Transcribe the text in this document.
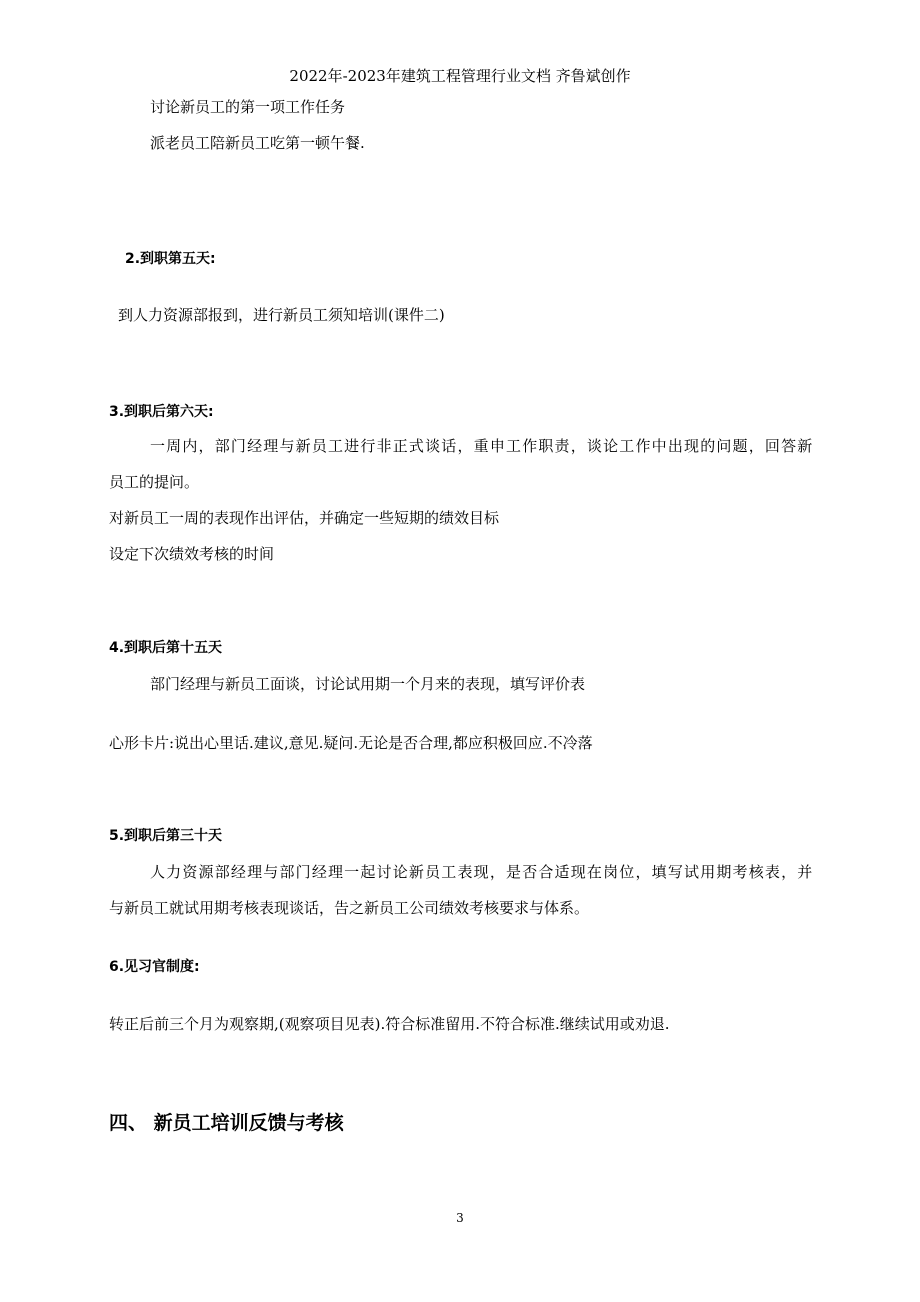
2022年-2023年建筑工程管理行业文档 齐鲁斌创作
讨论新员工的第一项工作任务
派老员工陪新员工吃第一顿午餐.
2.到职第五天:
到人力资源部报到，进行新员工须知培训(课件二)
3.到职后第六天:
一周内，部门经理与新员工进行非正式谈话，重申工作职责，谈论工作中出现的问题，回答新
员工的提问。
对新员工一周的表现作出评估，并确定一些短期的绩效目标
设定下次绩效考核的时间
4.到职后第十五天
部门经理与新员工面谈，讨论试用期一个月来的表现，填写评价表
心形卡片:说出心里话.建议,意见.疑问.无论是否合理,都应积极回应.不冷落
5.到职后第三十天
人力资源部经理与部门经理一起讨论新员工表现，是否合适现在岗位，填写试用期考核表，并
与新员工就试用期考核表现谈话，告之新员工公司绩效考核要求与体系。
6.见习官制度:
转正后前三个月为观察期,(观察项目见表).符合标准留用.不符合标准.继续试用或劝退.
四、 新员工培训反馈与考核
3
